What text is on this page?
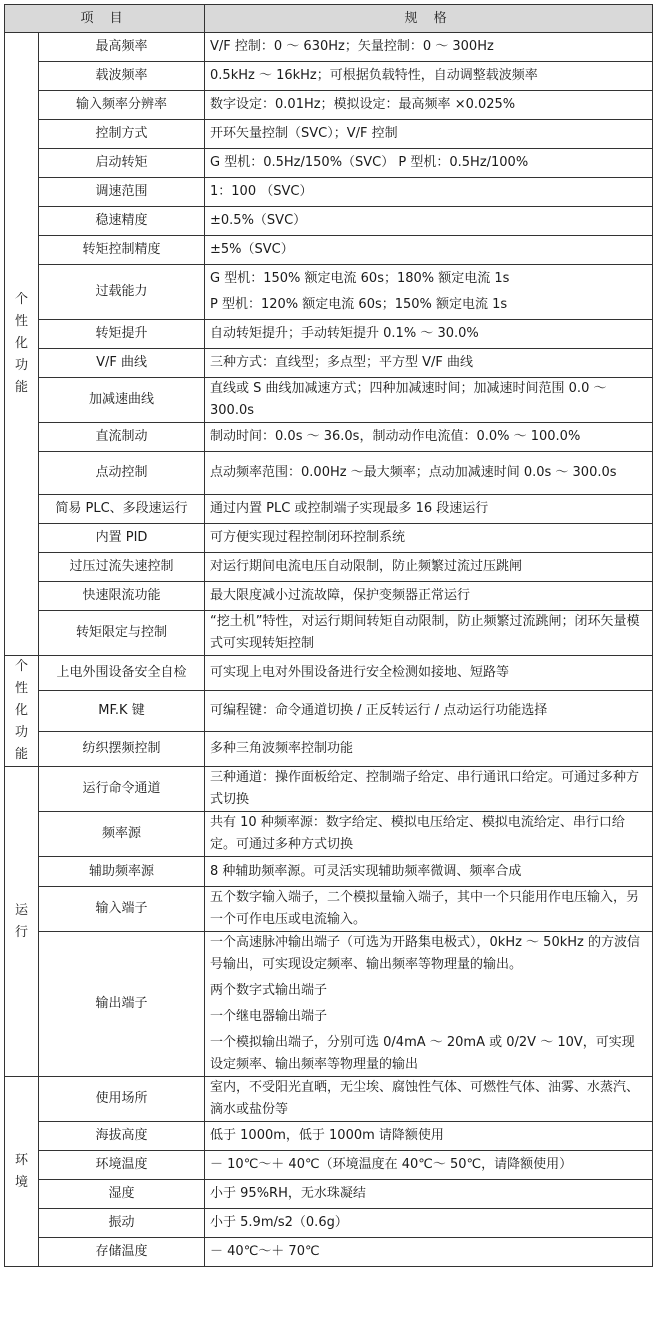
项 目		规 格

个
性
化
功
能	最高频率	V/F 控制：0 ～ 630Hz；矢量控制：0 ～ 300Hz

	载波频率	0.5kHz ～ 16kHz；可根据负载特性，自动调整载波频率

	输入频率分辨率	数字设定：0.01Hz；模拟设定：最高频率 ×0.025%

	控制方式	开环矢量控制（SVC）；V/F 控制

	启动转矩	G 型机：0.5Hz/150%（SVC） P 型机：0.5Hz/100%

	调速范围	1：100 （SVC）

	稳速精度	±0.5%（SVC）

	转矩控制精度	±5%（SVC）

	过载能力	G 型机：150% 额定电流 60s；180% 额定电流 1s
P 型机：120% 额定电流 60s；150% 额定电流 1s

	转矩提升	自动转矩提升；手动转矩提升 0.1% ～ 30.0%

	V/F 曲线	三种方式：直线型；多点型；平方型 V/F 曲线

	加减速曲线	直线或 S 曲线加减速方式；四种加减速时间；加减速时间范围 0.0 ～ 300.0s

	直流制动	制动时间：0.0s ～ 36.0s，制动动作电流值：0.0% ～ 100.0%

	点动控制	点动频率范围：0.00Hz ～最大频率；点动加减速时间 0.0s ～ 300.0s

	简易 PLC、多段速运行	通过内置 PLC 或控制端子实现最多 16 段速运行

	内置 PID	可方便实现过程控制闭环控制系统

	过压过流失速控制	对运行期间电流电压自动限制，防止频繁过流过压跳闸

	快速限流功能	最大限度减小过流故障，保护变频器正常运行

	转矩限定与控制	“挖土机”特性，对运行期间转矩自动限制，防止频繁过流跳闸；闭环矢量模式可实现转矩控制

个
性
化
功
能	上电外围设备安全自检	可实现上电对外围设备进行安全检测如接地、短路等

	MF.K 键	可编程键：命令通道切换 / 正反转运行 / 点动运行功能选择

	纺织摆频控制	多种三角波频率控制功能

运
行	运行命令通道	三种通道：操作面板给定、控制端子给定、串行通讯口给定。可通过多种方式切换

	频率源	共有 10 种频率源：数字给定、模拟电压给定、模拟电流给定、串行口给定。可通过多种方式切换

	辅助频率源	8 种辅助频率源。可灵活实现辅助频率微调、频率合成

	输入端子	五个数字输入端子，二个模拟量输入端子，其中一个只能用作电压输入，另一个可作电压或电流输入。

	输出端子	一个高速脉冲输出端子（可选为开路集电极式），0kHz ～ 50kHz 的方波信号输出，可实现设定频率、输出频率等物理量的输出。
两个数字式输出端子
一个继电器输出端子
一个模拟输出端子，分别可选 0/4mA ～ 20mA 或 0/2V ～ 10V，可实现设定频率、输出频率等物理量的输出

环
境	使用场所	室内，不受阳光直晒，无尘埃、腐蚀性气体、可燃性气体、油雾、水蒸汽、滴水或盐份等

	海拔高度	低于 1000m，低于 1000m 请降额使用

	环境温度	－ 10℃～＋ 40℃（环境温度在 40℃～ 50℃，请降额使用）

	湿度	小于 95%RH，无水珠凝结

	振动	小于 5.9m/s2（0.6g）

	存储温度	－ 40℃～＋ 70℃
